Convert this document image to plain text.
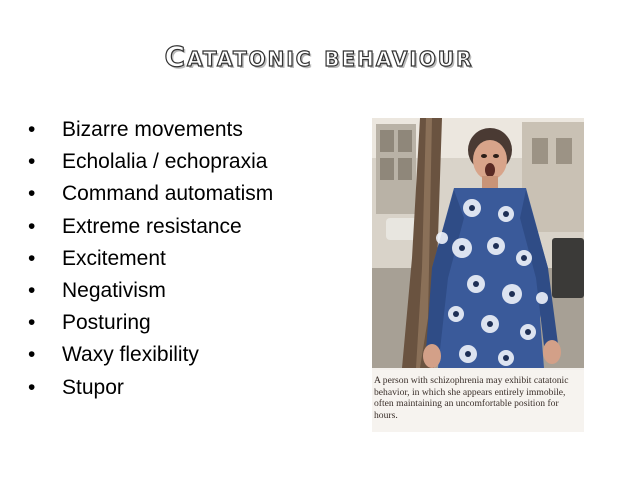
Catatonic behaviour
• Bizarre movements
• Echolalia / echopraxia
• Command automatism
• Extreme resistance
• Excitement
• Negativism
• Posturing
• Waxy flexibility
• Stupor	A person with schizophrenia may exhibit catatonic behavior, in which she appears entirely immobile, often maintaining an uncomfortable position for hours.
